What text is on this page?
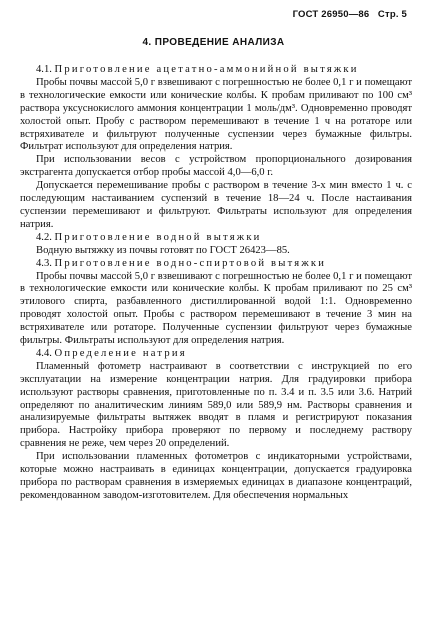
ГОСТ 26950—86 Стр. 5
4. ПРОВЕДЕНИЕ АНАЛИЗА

4.1. Приготовление ацетатно-аммонийной вытяжки

Пробы почвы массой 5,0 г взвешивают с погрешностью не более 0,1 г и помещают в технологические емкости или конические колбы. К пробам приливают по 100 см³ раствора уксуснокислого аммония концентрации 1 моль/дм³. Одновременно проводят холостой опыт. Пробу с раствором перемешивают в течение 1 ч на ротаторе или встряхивателе и фильтруют полученные суспензии через бумажные фильтры. Фильтрат используют для определения натрия.

При использовании весов с устройством пропорционального дозирования экстрагента допускается отбор пробы массой 4,0—6,0 г.

Допускается перемешивание пробы с раствором в течение 3-х мин вместо 1 ч. с последующим настаиванием суспензий в течение 18—24 ч. После настаивания суспензии перемешивают и фильтруют. Фильтраты используют для определения натрия.

4.2. Приготовление водной вытяжки

Водную вытяжку из почвы готовят по ГОСТ 26423—85.

4.3. Приготовление водно-спиртовой вытяжки

Пробы почвы массой 5,0 г взвешивают с погрешностью не более 0,1 г и помещают в технологические емкости или конические колбы. К пробам приливают по 25 см³ этилового спирта, разбавленного дистиллированной водой 1:1. Одновременно проводят холостой опыт. Пробы с раствором перемешивают в течение 3 мин на встряхивателе или ротаторе. Полученные суспензии фильтруют через бумажные фильтры. Фильтраты используют для определения натрия.

4.4. Определение натрия

Пламенный фотометр настраивают в соответствии с инструкцией по его эксплуатации на измерение концентрации натрия. Для градуировки прибора используют растворы сравнения, приготовленные по п. 3.4 и п. 3.5 или 3.6. Натрий определяют по аналитическим линиям 589,0 или 589,9 нм. Растворы сравнения и анализируемые фильтраты вытяжек вводят в пламя и регистрируют показания прибора. Настройку прибора проверяют по первому и последнему раствору сравнения не реже, чем через 20 определений.

При использовании пламенных фотометров с индикаторными устройствами, которые можно настраивать в единицах концентрации, допускается градуировка прибора по растворам сравнения в измеряемых единицах в диапазоне концентраций, рекомендованном заводом-изготовителем. Для обеспечения нормальных
